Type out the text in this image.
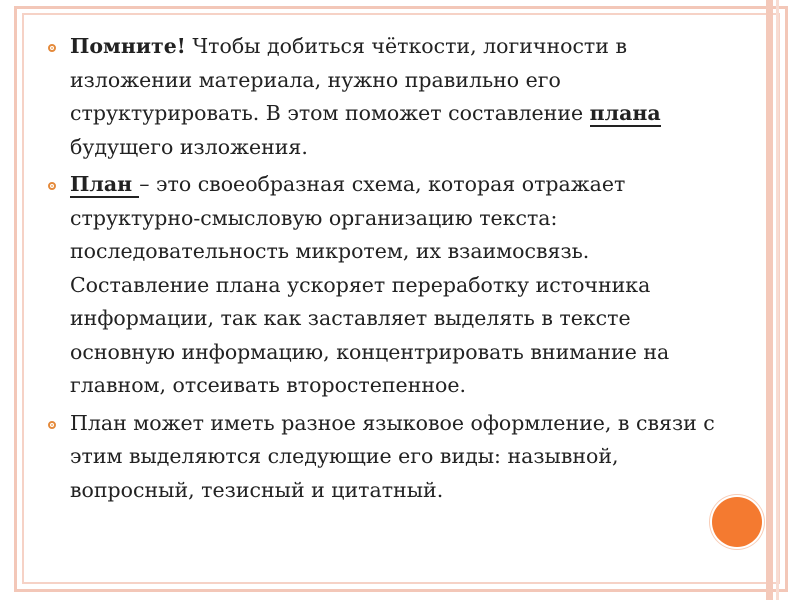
Помните! Чтобы добиться чёткости, логичности в изложении материала, нужно правильно его структурировать. В этом поможет составление плана будущего изложения.
План – это своеобразная схема, которая отражает структурно-смысловую организацию текста: последовательность микротем, их взаимосвязь. Составление плана ускоряет переработку источника информации, так как заставляет выделять в тексте основную информацию, концентрировать внимание на главном, отсеивать второстепенное.
План может иметь разное языковое оформление, в связи с этим выделяются следующие его виды: назывной, вопросный, тезисный и цитатный.
